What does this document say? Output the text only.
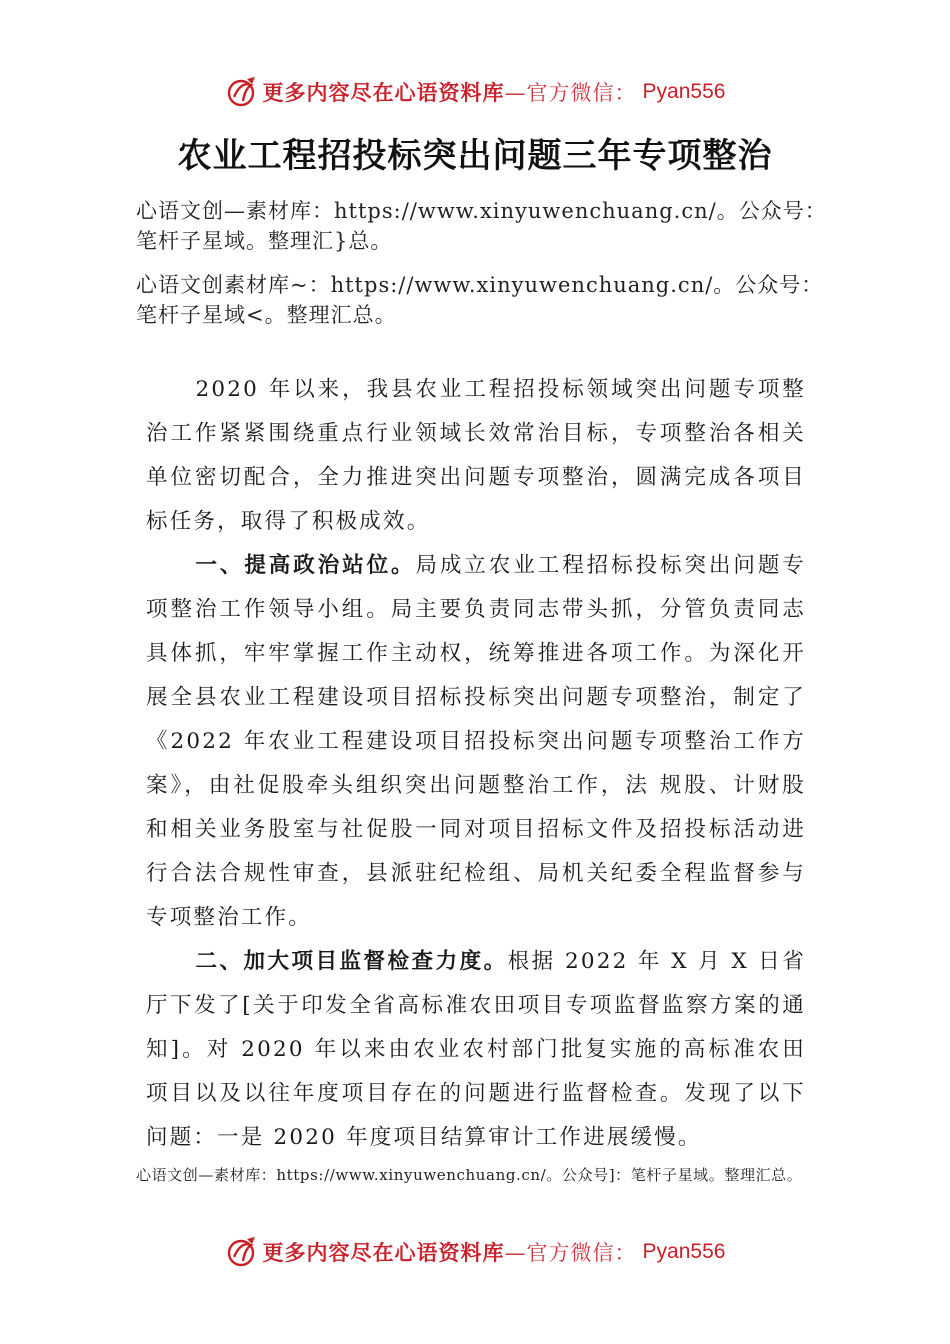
更多内容尽在心语资料库 —官方微信： Pyan556
农业工程招投标突出问题三年专项整治
心语文创—素材库：https://www.xinyuwenchuang.cn/。公众号：笔杆子星域。整理汇}总。
心语文创素材库~：https://www.xinyuwenchuang.cn/。公众号：笔杆子星域<。整理汇总。

2020 年以来，我县农业工程招投标领域突出问题专项整治工作紧紧围绕重点行业领域长效常治目标，专项整治各相关单位密切配合，全力推进突出问题专项整治，圆满完成各项目标任务，取得了积极成效。

一、提高政治站位。局成立农业工程招标投标突出问题专项整治工作领导小组。局主要负责同志带头抓，分管负责同志具体抓，牢牢掌握工作主动权，统筹推进各项工作。为深化开展全县农业工程建设项目招标投标突出问题专项整治，制定了《2022 年农业工程建设项目招投标突出问题专项整治工作方案》，由社促股牵头组织突出问题整治工作，法 规股、计财股和相关业务股室与社促股一同对项目招标文件及招投标活动进行合法合规性审查，县派驻纪检组、局机关纪委全程监督参与专项整治工作。

二、加大项目监督检查力度。根据 2022 年 X 月 X 日省厅下发了[关于印发全省高标准农田项目专项监督监察方案的通知]。对 2020 年以来由农业农村部门批复实施的高标准农田项目以及以往年度项目存在的问题进行监督检查。发现了以下问题：一是 2020 年度项目结算审计工作进展缓慢。

心语文创—素材库：https://www.xinyuwenchuang.cn/。公众号]：笔杆子星域。整理汇总。
更多内容尽在心语资料库 —官方微信： Pyan556
